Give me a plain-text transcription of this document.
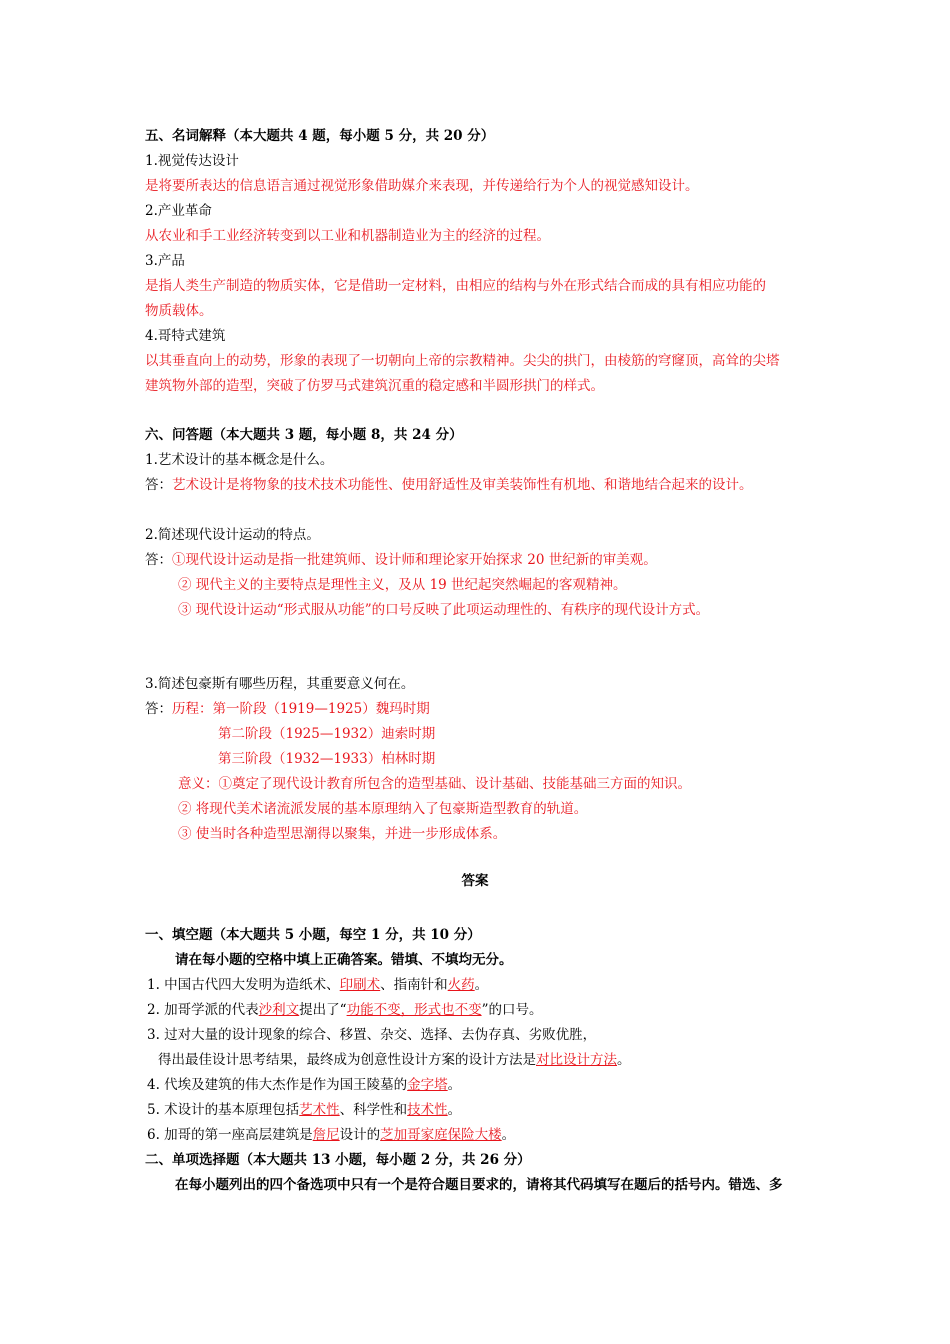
五、名词解释（本大题共 4 题，每小题 5 分，共 20 分）
1.视觉传达设计
是将要所表达的信息语言通过视觉形象借助媒介来表现，并传递给行为个人的视觉感知设计。
2.产业革命
从农业和手工业经济转变到以工业和机器制造业为主的经济的过程。
3.产品
是指人类生产制造的物质实体，它是借助一定材料，由相应的结构与外在形式结合而成的具有相应功能的
物质载体。
4.哥特式建筑
以其垂直向上的动势，形象的表现了一切朝向上帝的宗教精神。尖尖的拱门，由棱筋的穹窿顶，高耸的尖塔
建筑物外部的造型，突破了仿罗马式建筑沉重的稳定感和半圆形拱门的样式。
六、问答题（本大题共 3 题，每小题 8，共 24 分）
1.艺术设计的基本概念是什么。
答：艺术设计是将物象的技术技术功能性、使用舒适性及审美装饰性有机地、和谐地结合起来的设计。
2.简述现代设计运动的特点。
答：①现代设计运动是指一批建筑师、设计师和理论家开始探求 20 世纪新的审美观。
② 现代主义的主要特点是理性主义，及从 19 世纪起突然崛起的客观精神。
③ 现代设计运动“形式服从功能”的口号反映了此项运动理性的、有秩序的现代设计方式。
3.简述包豪斯有哪些历程，其重要意义何在。
答：历程：第一阶段（1919—1925）魏玛时期
第二阶段（1925—1932）迪索时期
第三阶段（1932—1933）柏林时期
意义：①奠定了现代设计教育所包含的造型基础、设计基础、技能基础三方面的知识。
② 将现代美术诸流派发展的基本原理纳入了包豪斯造型教育的轨道。
③ 使当时各种造型思潮得以聚集，并进一步形成体系。
答案
一、填空题（本大题共 5 小题，每空 1 分，共 10 分）
请在每小题的空格中填上正确答案。错填、不填均无分。
1. 中国古代四大发明为造纸术、印刷术、指南针和火药。
2. 加哥学派的代表沙利文提出了“功能不变，形式也不变”的口号。
3. 过对大量的设计现象的综合、移置、杂交、选择、去伪存真、劣败优胜，
得出最佳设计思考结果，最终成为创意性设计方案的设计方法是对比设计方法。
4. 代埃及建筑的伟大杰作是作为国王陵墓的金字塔。
5. 术设计的基本原理包括艺术性、科学性和技术性。
6. 加哥的第一座高层建筑是詹尼设计的芝加哥家庭保险大楼。
二、单项选择题（本大题共 13 小题，每小题 2 分，共 26 分）
在每小题列出的四个备选项中只有一个是符合题目要求的，请将其代码填写在题后的括号内。错选、多
